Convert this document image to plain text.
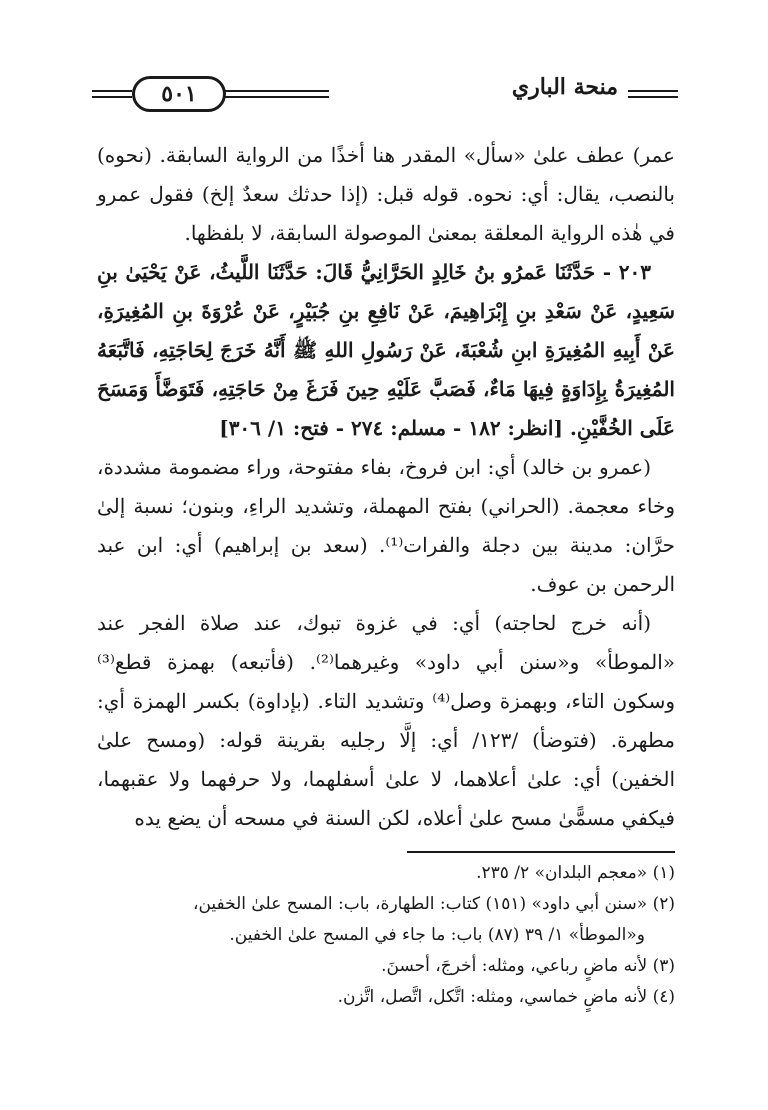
٥٠١	منحة الباري

عمر) عطف علىٰ «سأل» المقدر هنا أخذًا من الرواية السابقة. (نحوه) بالنصب، يقال: أي: نحوه. قوله قبل: (إذا حدثك سعدٌ إلخ) فقول عمرو في هٰذه الرواية المعلقة بمعنىٰ الموصولة السابقة، لا بلفظها.

٢٠٣ - حَدَّثَنَا عَمرُو بنُ خَالِدٍ الحَرَّانِيُّ قَالَ: حَدَّثَنَا اللَّيثُ، عَنْ يَحْيَىٰ بنِ سَعِيدٍ، عَنْ سَعْدِ بنِ إِبْرَاهِيمَ، عَنْ نَافِعِ بنِ جُبَيْرٍ، عَنْ عُرْوَةَ بنِ المُغِيرَةِ، عَنْ أَبِيهِ المُغِيرَةِ ابنِ شُعْبَةَ، عَنْ رَسُولِ اللهِ ﷺ أَنَّهُ خَرَجَ لِحَاجَتِهِ، فَاتَّبَعَهُ المُغِيرَةُ بِإِدَاوَةٍ فِيهَا مَاءٌ، فَصَبَّ عَلَيْهِ حِينَ فَرَغَ مِنْ حَاجَتِهِ، فَتَوَضَّأَ وَمَسَحَ عَلَى الخُفَّيْنِ. [انظر: ١٨٢ - مسلم: ٢٧٤ - فتح: ١/ ٣٠٦]

(عمرو بن خالد) أي: ابن فروخ، بفاء مفتوحة، وراء مضمومة مشددة، وخاء معجمة. (الحراني) بفتح المهملة، وتشديد الراءِ، وبنون؛ نسبة إلىٰ حرَّان: مدينة بين دجلة والفرات⁽¹⁾. (سعد بن إبراهيم) أي: ابن عبد الرحمن بن عوف.

(أنه خرج لحاجته) أي: في غزوة تبوك، عند صلاة الفجر عند «الموطأ» و«سنن أبي داود» وغيرهما⁽²⁾. (فأتبعه) بهمزة قطع⁽³⁾ وسكون التاء، وبهمزة وصل⁽⁴⁾ وتشديد التاء. (بإداوة) بكسر الهمزة أي: مطهرة. (فتوضأ) /١٢٣/ أي: إلَّا رجليه بقرينة قوله: (ومسح علىٰ الخفين) أي: علىٰ أعلاهما، لا علىٰ أسفلهما، ولا حرفهما ولا عقبهما، فيكفي مسمًّىٰ مسح علىٰ أعلاه، لكن السنة في مسحه أن يضع يده

(١) «معجم البلدان» ٢/ ٢٣٥.

(٢) «سنن أبي داود» (١٥١) كتاب: الطهارة، باب: المسح علىٰ الخفين،

و«الموطأ» ١/ ٣٩ (٨٧) باب: ما جاء في المسح علىٰ الخفين.

(٣) لأنه ماضٍ رباعي، ومثله: أخرجَ، أحسنَ.

(٤) لأنه ماضٍ خماسي، ومثله: اتَّكل، اتَّصل، اتَّزن.
